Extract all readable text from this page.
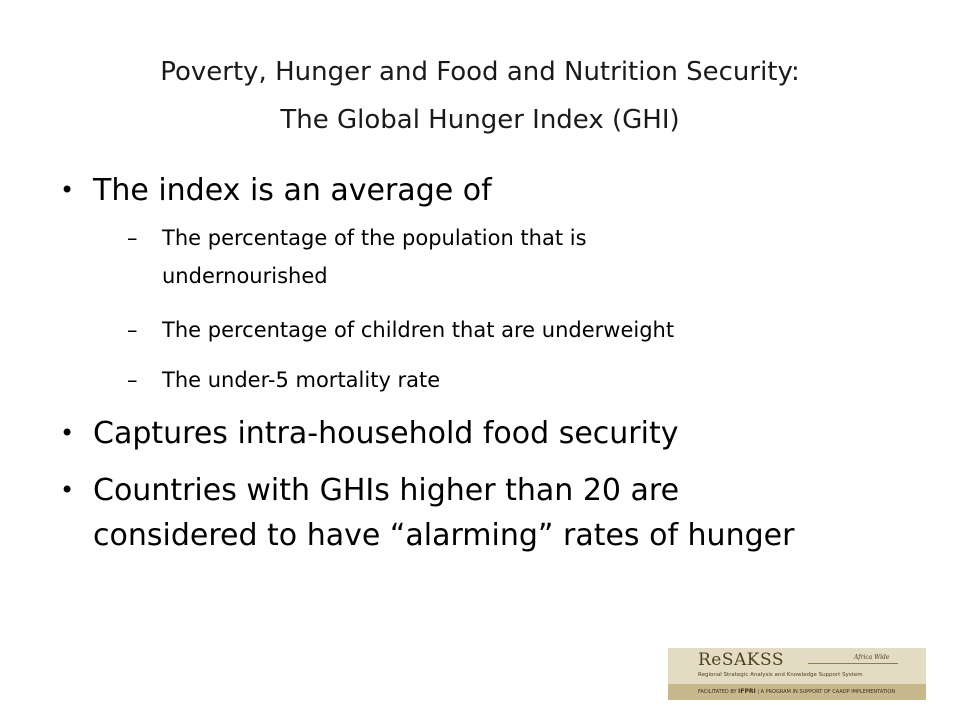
Poverty, Hunger and Food and Nutrition Security:
The Global Hunger Index (GHI)
• The index is an average of
– The percentage of the population that is
undernourished
– The percentage of children that are underweight
– The under-5 mortality rate
• Captures intra-household food security
• Countries with GHIs higher than 20 are
considered to have “alarming” rates of hunger
ReSAKSS	Africa Wide
Regional Strategic Analysis and Knowledge Support System
FACILITATED BY IFPRI | A PROGRAM IN SUPPORT OF CAADP IMPLEMENTATION
